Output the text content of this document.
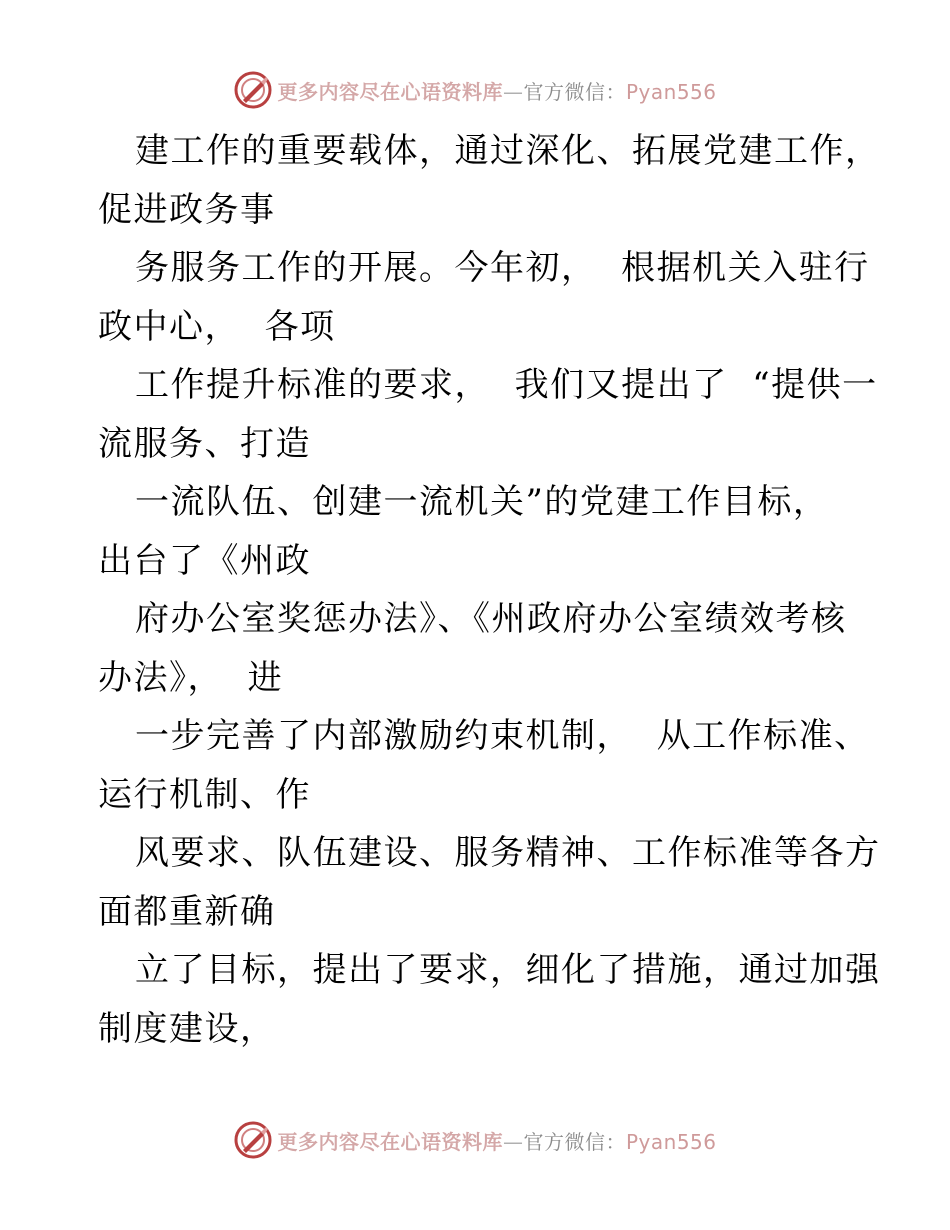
更多内容尽在心语资料库—官方微信：Pyan556
建工作的重要载体，通过深化、拓展党建工作，
促进政务事
务服务工作的开展。今年初，  根据机关入驻行
政中心，  各项
工作提升标准的要求，  我们又提出了  “提供一
流服务、打造
一流队伍、创建一流机关”的党建工作目标，
出台了《州政
府办公室奖惩办法》、《州政府办公室绩效考核
办法》，  进
一步完善了内部激励约束机制，  从工作标准、
运行机制、作
风要求、队伍建设、服务精神、工作标准等各方
面都重新确
立了目标，提出了要求，细化了措施，通过加强
制度建设，
更多内容尽在心语资料库—官方微信：Pyan556
